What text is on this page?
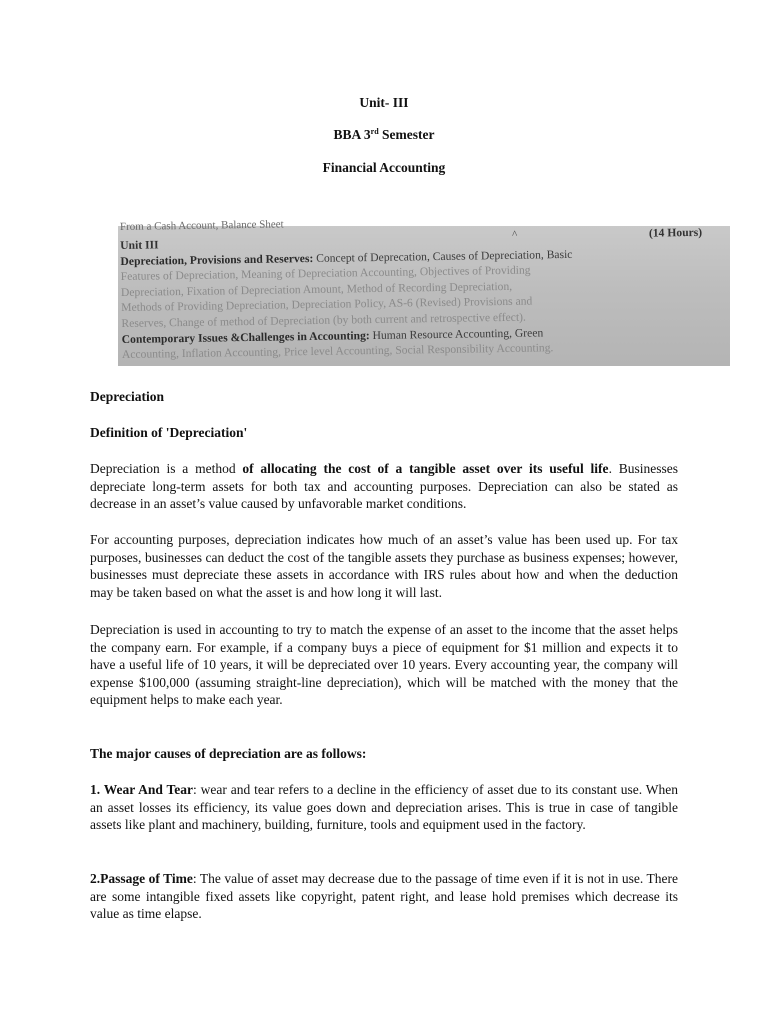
Unit- III
BBA 3rd Semester
Financial Accounting
From a Cash Account, Balance Sheet
^	(14 Hours)
Unit III
Depreciation, Provisions and Reserves: Concept of Deprecation, Causes of Depreciation, Basic
Features of Depreciation, Meaning of Depreciation Accounting, Objectives of Providing
Depreciation, Fixation of Depreciation Amount, Method of Recording Depreciation,
Methods of Providing Depreciation, Depreciation Policy, AS-6 (Revised) Provisions and
Reserves, Change of method of Depreciation (by both current and retrospective effect).
Contemporary Issues &Challenges in Accounting: Human Resource Accounting, Green
Accounting, Inflation Accounting, Price level Accounting, Social Responsibility Accounting.
Depreciation
Definition of 'Depreciation'
Depreciation is a method of allocating the cost of a tangible asset over its useful life. Businesses depreciate long-term assets for both tax and accounting purposes. Depreciation can also be stated as decrease in an asset’s value caused by unfavorable market conditions.
For accounting purposes, depreciation indicates how much of an asset’s value has been used up. For tax purposes, businesses can deduct the cost of the tangible assets they purchase as business expenses; however, businesses must depreciate these assets in accordance with IRS rules about how and when the deduction may be taken based on what the asset is and how long it will last.
Depreciation is used in accounting to try to match the expense of an asset to the income that the asset helps the company earn. For example, if a company buys a piece of equipment for $1 million and expects it to have a useful life of 10 years, it will be depreciated over 10 years. Every accounting year, the company will expense $100,000 (assuming straight-line depreciation), which will be matched with the money that the equipment helps to make each year.
The major causes of depreciation are as follows:
1. Wear And Tear: wear and tear refers to a decline in the efficiency of asset due to its constant use. When an asset losses its efficiency, its value goes down and depreciation arises. This is true in case of tangible assets like plant and machinery, building, furniture, tools and equipment used in the factory.
2.Passage of Time: The value of asset may decrease due to the passage of time even if it is not in use. There are some intangible fixed assets like copyright, patent right, and lease hold premises which decrease its value as time elapse.
